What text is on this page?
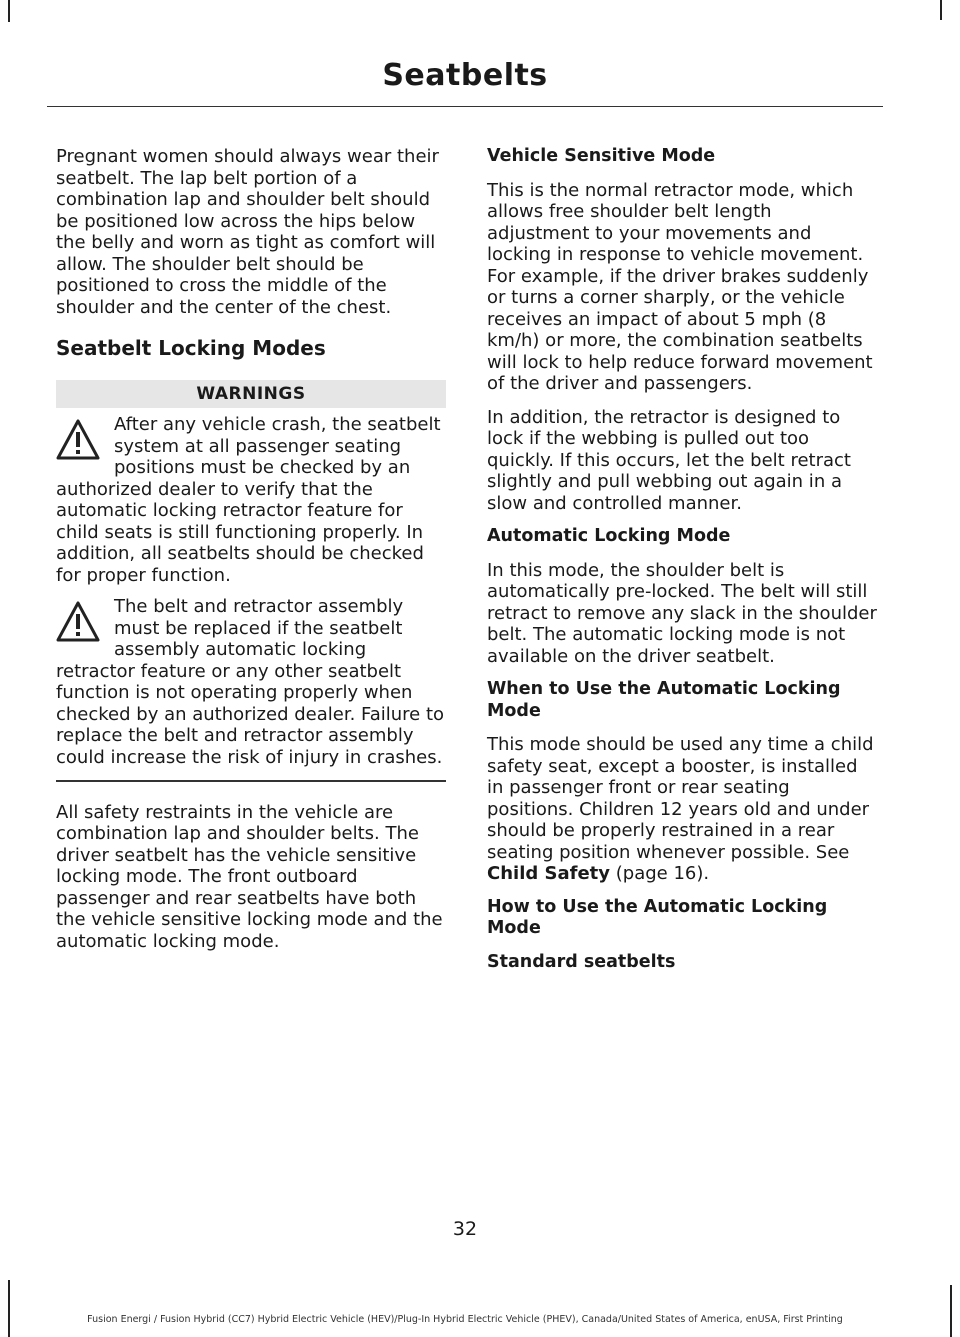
Seatbelts

Pregnant women should always wear their seatbelt. The lap belt portion of a combination lap and shoulder belt should be positioned low across the hips below the belly and worn as tight as comfort will allow. The shoulder belt should be positioned to cross the middle of the shoulder and the center of the chest.

Seatbelt Locking Modes
WARNINGS

After any vehicle crash, the seatbelt system at all passenger seating positions must be checked by an authorized dealer to verify that the automatic locking retractor feature for child seats is still functioning properly. In addition, all seatbelts should be checked for proper function.

The belt and retractor assembly must be replaced if the seatbelt assembly automatic locking retractor feature or any other seatbelt function is not operating properly when checked by an authorized dealer. Failure to replace the belt and retractor assembly could increase the risk of injury in crashes.

All safety restraints in the vehicle are combination lap and shoulder belts. The driver seatbelt has the vehicle sensitive locking mode. The front outboard passenger and rear seatbelts have both the vehicle sensitive locking mode and the automatic locking mode.

Vehicle Sensitive Mode

This is the normal retractor mode, which allows free shoulder belt length adjustment to your movements and locking in response to vehicle movement. For example, if the driver brakes suddenly or turns a corner sharply, or the vehicle receives an impact of about 5 mph (8 km/h) or more, the combination seatbelts will lock to help reduce forward movement of the driver and passengers.

In addition, the retractor is designed to lock if the webbing is pulled out too quickly. If this occurs, let the belt retract slightly and pull webbing out again in a slow and controlled manner.

Automatic Locking Mode

In this mode, the shoulder belt is automatically pre-locked. The belt will still retract to remove any slack in the shoulder belt. The automatic locking mode is not available on the driver seatbelt.

When to Use the Automatic Locking Mode

This mode should be used any time a child safety seat, except a booster, is installed in passenger front or rear seating positions. Children 12 years old and under should be properly restrained in a rear seating position whenever possible. See Child Safety (page 16).

How to Use the Automatic Locking Mode
Standard seatbelts
32
Fusion Energi / Fusion Hybrid (CC7) Hybrid Electric Vehicle (HEV)/Plug-In Hybrid Electric Vehicle (PHEV), Canada/United States of America, enUSA, First Printing
